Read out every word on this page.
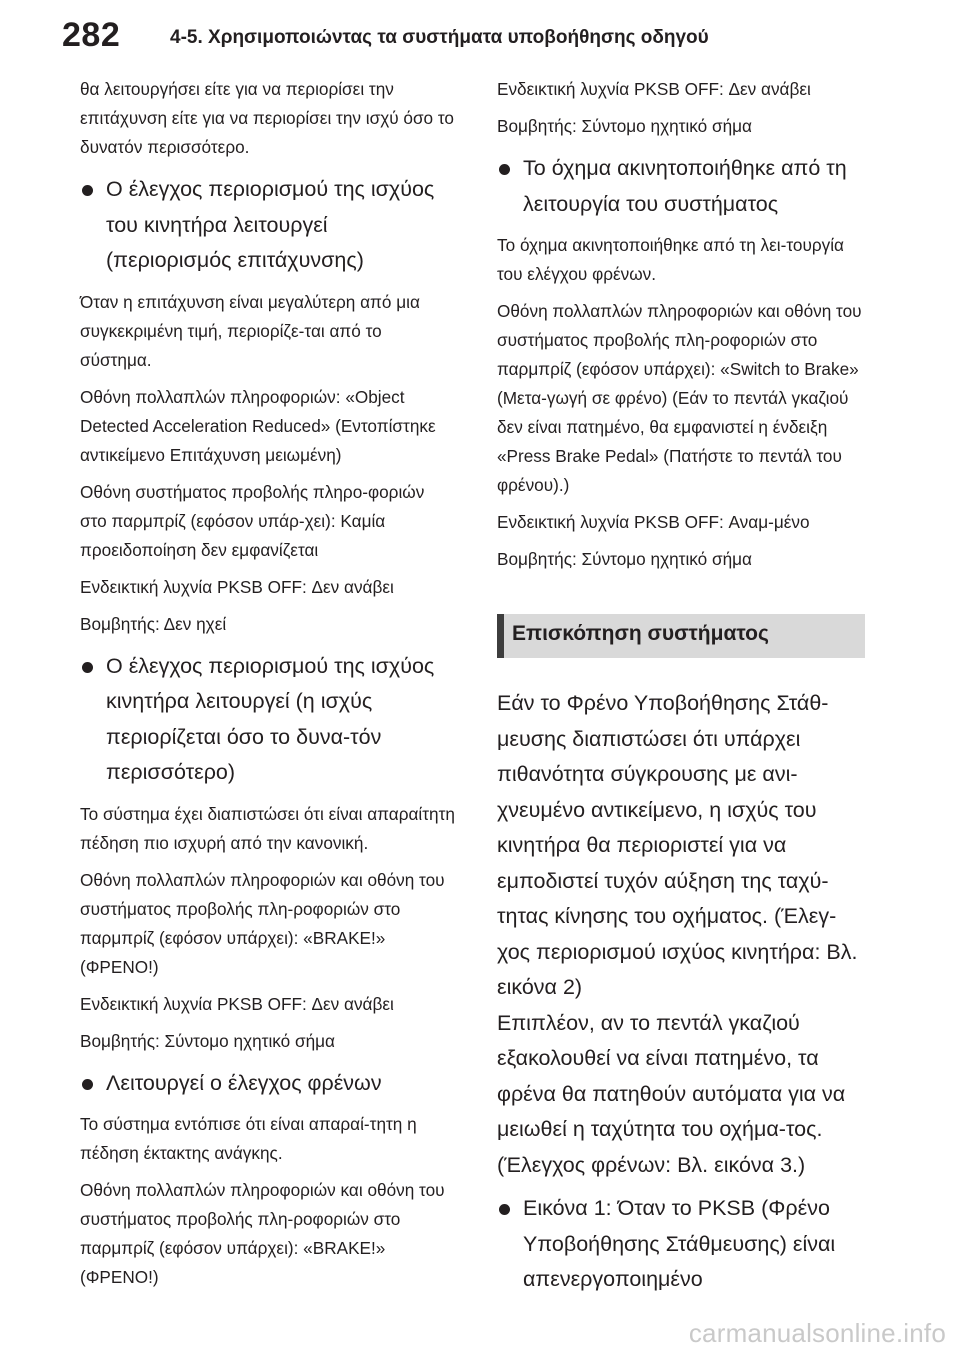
282	4-5. Χρησιμοποιώντας τα συστήματα υποβοήθησης οδηγού

θα λειτουργήσει είτε για να περιορίσει την επιτάχυνση είτε για να περιορίσει την ισχύ όσο το δυνατόν περισσότερο.

Ο έλεγχος περιορισμού της ισχύος του κινητήρα λειτουργεί (περιορισμός επιτάχυνσης)

Όταν η επιτάχυνση είναι μεγαλύτερη από μια συγκεκριμένη τιμή, περιορίζε-ται από το σύστημα.

Οθόνη πολλαπλών πληροφοριών: «Object Detected Acceleration Reduced» (Εντοπίστηκε αντικείμενο Επιτάχυνση μειωμένη)

Οθόνη συστήματος προβολής πληρο-φοριών στο παρμπρίζ (εφόσον υπάρ-χει): Καμία προειδοποίηση δεν εμφανίζεται

Ενδεικτική λυχνία PKSB OFF: Δεν ανάβει

Βομβητής: Δεν ηχεί

Ο έλεγχος περιορισμού της ισχύος κινητήρα λειτουργεί (η ισχύς περιορίζεται όσο το δυνα-τόν περισσότερο)

Το σύστημα έχει διαπιστώσει ότι είναι απαραίτητη πέδηση πιο ισχυρή από την κανονική.

Οθόνη πολλαπλών πληροφοριών και οθόνη του συστήματος προβολής πλη-ροφοριών στο παρμπρίζ (εφόσον υπάρχει): «BRAKE!» (ΦΡΕΝΟ!)

Ενδεικτική λυχνία PKSB OFF: Δεν ανάβει

Βομβητής: Σύντομο ηχητικό σήμα

Λειτουργεί ο έλεγχος φρένων

Το σύστημα εντόπισε ότι είναι απαραί-τητη η πέδηση έκτακτης ανάγκης.

Οθόνη πολλαπλών πληροφοριών και οθόνη του συστήματος προβολής πλη-ροφοριών στο παρμπρίζ (εφόσον υπάρχει): «BRAKE!» (ΦΡΕΝΟ!)

Ενδεικτική λυχνία PKSB OFF: Δεν ανάβει

Βομβητής: Σύντομο ηχητικό σήμα

Το όχημα ακινητοποιήθηκε από τη λειτουργία του συστήματος

Το όχημα ακινητοποιήθηκε από τη λει-τουργία του ελέγχου φρένων.

Οθόνη πολλαπλών πληροφοριών και οθόνη του συστήματος προβολής πλη-ροφοριών στο παρμπρίζ (εφόσον υπάρχει): «Switch to Brake» (Μετα-γωγή σε φρένο) (Εάν το πεντάλ γκαζιού δεν είναι πατημένο, θα εμφανιστεί η ένδειξη «Press Brake Pedal» (Πατήστε το πεντάλ του φρένου).)

Ενδεικτική λυχνία PKSB OFF: Αναμ-μένο

Βομβητής: Σύντομο ηχητικό σήμα

Επισκόπηση συστήματος

Εάν το Φρένο Υποβοήθησης Στάθ-μευσης διαπιστώσει ότι υπάρχει πιθανότητα σύγκρουσης με ανι-χνευμένο αντικείμενο, η ισχύς του κινητήρα θα περιοριστεί για να εμποδιστεί τυχόν αύξηση της ταχύ-τητας κίνησης του οχήματος. (Έλεγ-χος περιορισμού ισχύος κινητήρα: Βλ. εικόνα 2)

Επιπλέον, αν το πεντάλ γκαζιού εξακολουθεί να είναι πατημένο, τα φρένα θα πατηθούν αυτόματα για να μειωθεί η ταχύτητα του οχήμα-τος. (Έλεγχος φρένων: Βλ. εικόνα 3.)

Εικόνα 1: Όταν το PKSB (Φρένο Υποβοήθησης Στάθμευσης) είναι απενεργοποιημένο
carmanualsonline.info
